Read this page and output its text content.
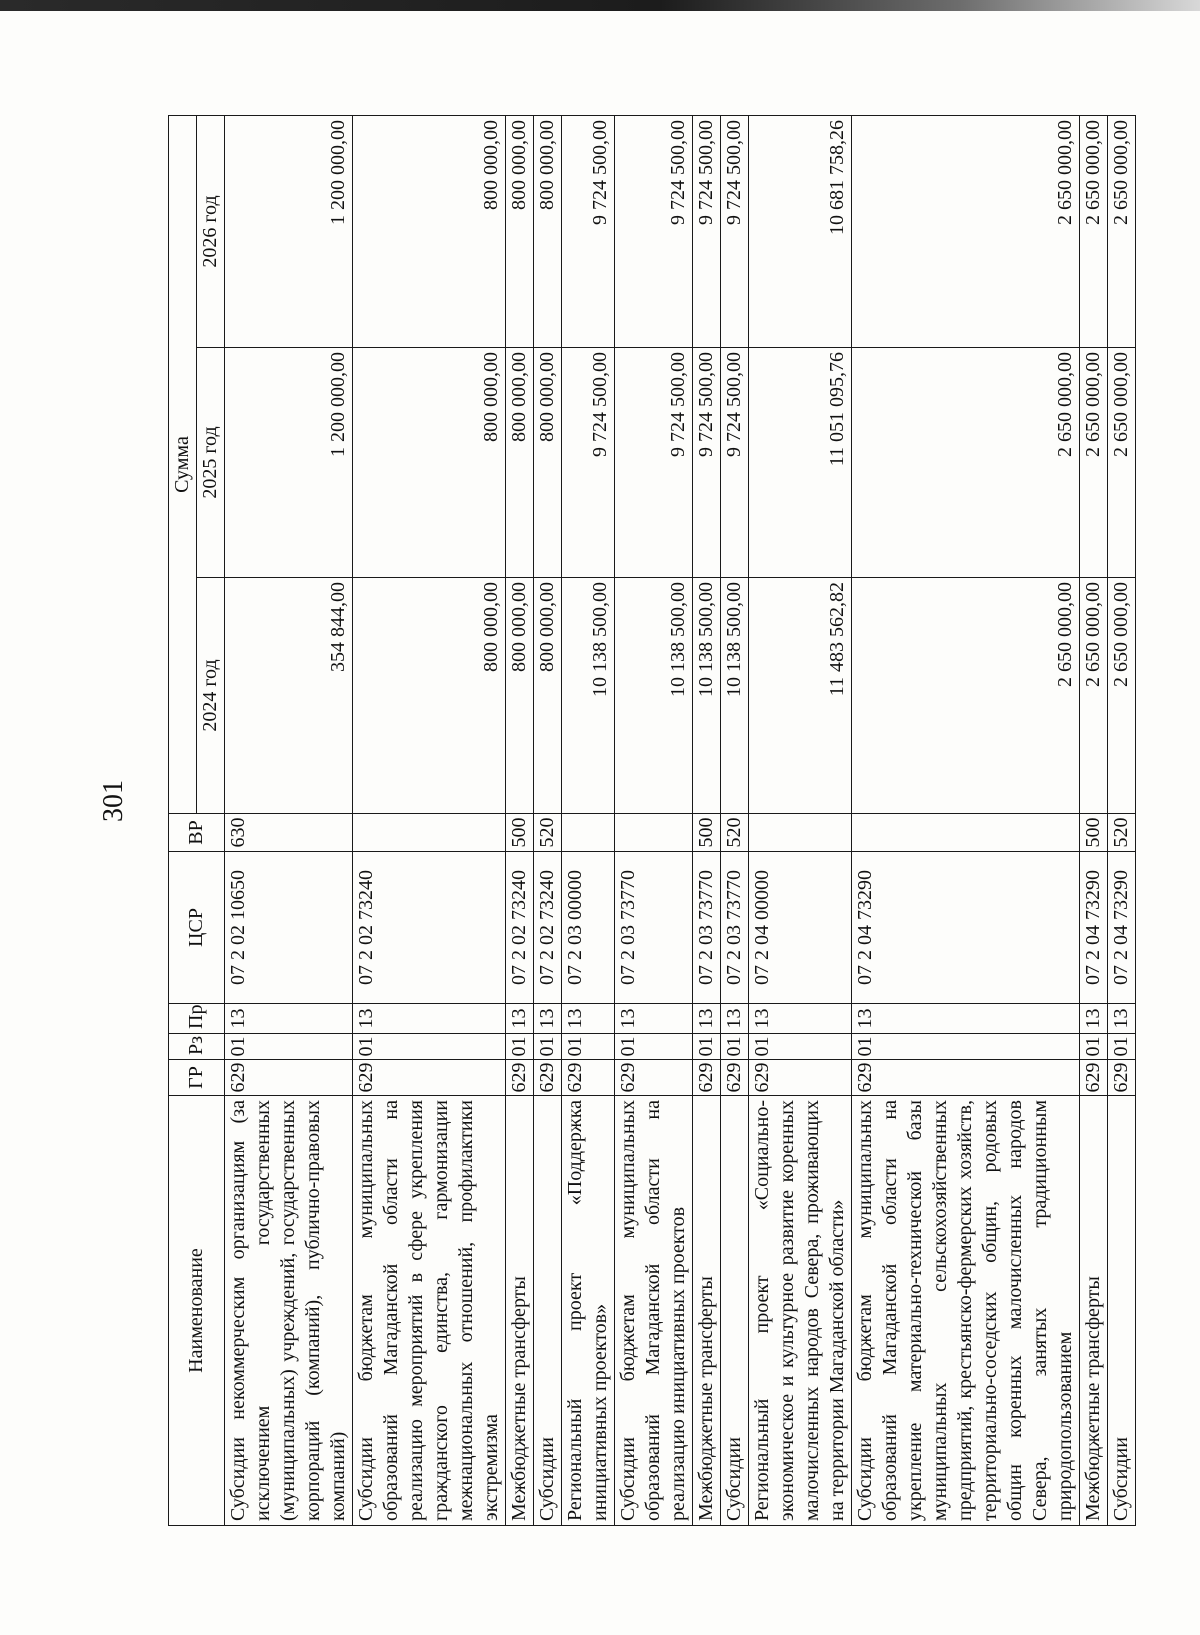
301
Наименование	ГР	Рз	Пр	ЦСР	ВР	Сумма		
						2024 год	2025 год	2026 год
Субсидии некоммерческим организациям (за исключением государственных (муниципальных) учреждений, государственных корпораций (компаний), публично-правовых компаний)	629	01	13	07 2 02 10650	630	354 844,00	1 200 000,00	1 200 000,00
Субсидии бюджетам муниципальных образований Магаданской области на реализацию мероприятий в сфере укрепления гражданского единства, гармонизации межнациональных отношений, профилактики экстремизма	629	01	13	07 2 02 73240		800 000,00	800 000,00	800 000,00
Межбюджетные трансферты	629	01	13	07 2 02 73240	500	800 000,00	800 000,00	800 000,00
Субсидии	629	01	13	07 2 02 73240	520	800 000,00	800 000,00	800 000,00
Региональный проект «Поддержка инициативных проектов»	629	01	13	07 2 03 00000		10 138 500,00	9 724 500,00	9 724 500,00
Субсидии бюджетам муниципальных образований Магаданской области на реализацию инициативных проектов	629	01	13	07 2 03 73770		10 138 500,00	9 724 500,00	9 724 500,00
Межбюджетные трансферты	629	01	13	07 2 03 73770	500	10 138 500,00	9 724 500,00	9 724 500,00
Субсидии	629	01	13	07 2 03 73770	520	10 138 500,00	9 724 500,00	9 724 500,00
Региональный проект «Социально-экономическое и культурное развитие коренных малочисленных народов Севера, проживающих на территории Магаданской области»	629	01	13	07 2 04 00000		11 483 562,82	11 051 095,76	10 681 758,26
Субсидии бюджетам муниципальных образований Магаданской области на укрепление материально-технической базы муниципальных сельскохозяйственных предприятий, крестьянско-фермерских хозяйств, территориально-соседских общин, родовых общин коренных малочисленных народов Севера, занятых традиционным природопользованием	629	01	13	07 2 04 73290		2 650 000,00	2 650 000,00	2 650 000,00
Межбюджетные трансферты	629	01	13	07 2 04 73290	500	2 650 000,00	2 650 000,00	2 650 000,00
Субсидии	629	01	13	07 2 04 73290	520	2 650 000,00	2 650 000,00	2 650 000,00
